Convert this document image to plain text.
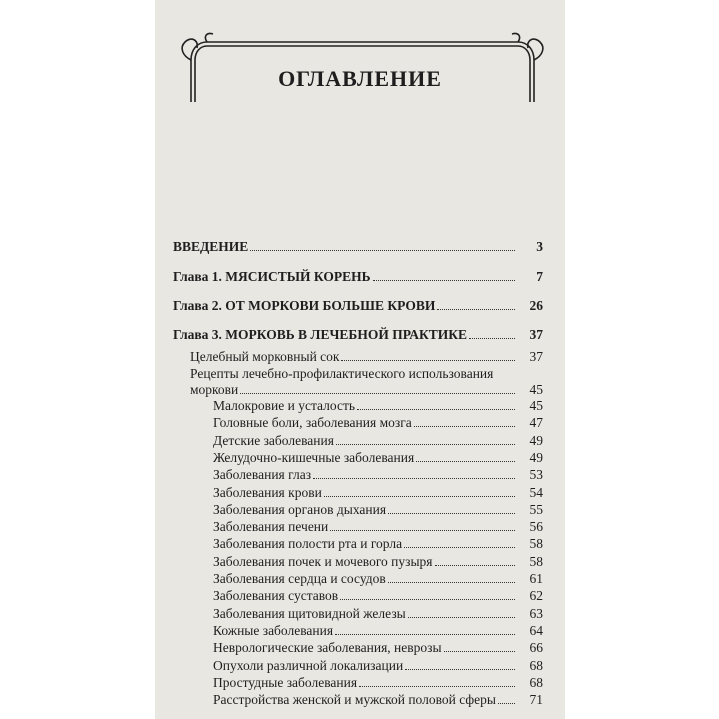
ОГЛАВЛЕНИЕ
ВВЕДЕНИЕ	3
Глава 1. МЯСИСТЫЙ КОРЕНЬ	7
Глава 2. ОТ МОРКОВИ БОЛЬШЕ КРОВИ	26
Глава 3. МОРКОВЬ В ЛЕЧЕБНОЙ ПРАКТИКЕ	37
Целебный морковный сок	37
Рецепты лечебно-профилактического использования
моркови	45
Малокровие и усталость	45
Головные боли, заболевания мозга	47
Детские заболевания	49
Желудочно-кишечные заболевания	49
Заболевания глаз	53
Заболевания крови	54
Заболевания органов дыхания	55
Заболевания печени	56
Заболевания полости рта и горла	58
Заболевания почек и мочевого пузыря	58
Заболевания сердца и сосудов	61
Заболевания суставов	62
Заболевания щитовидной железы	63
Кожные заболевания	64
Неврологические заболевания, неврозы	66
Опухоли различной локализации	68
Простудные заболевания	68
Расстройства женской и мужской половой сферы	71
